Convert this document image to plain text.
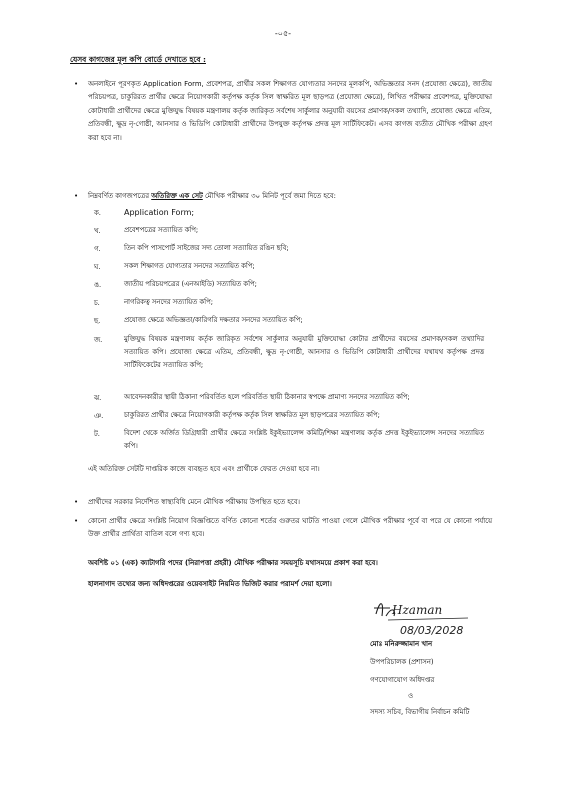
-০৫-
যেসব কাগজের মূল কপি বোর্ডে দেখাতে হবে :
• অনলাইনে পূরণকৃত Application Form, প্রবেশপত্র, প্রার্থীর সকল শিক্ষাগত যোগ্যতার সনদের মূলকপি, অভিজ্ঞতার সনদ (প্রযোজ্য ক্ষেত্রে), জাতীয় পরিচয়পত্র, চাকুরিরত প্রার্থীর ক্ষেত্রে নিয়োগকারী কর্তৃপক্ষ কর্তৃক সিল স্বাক্ষরিত মূল ছাড়পত্র (প্রযোজ্য ক্ষেত্রে), লিখিত পরীক্ষার প্রবেশপত্র, মুক্তিযোদ্ধা কোটাধারী প্রার্থীদের ক্ষেত্রে মুক্তিযুদ্ধ বিষয়ক মন্ত্রণালয় কর্তৃক জারিকৃত সর্বশেষ সার্কুলার অনুযায়ী বয়সের প্রমাণক/সকল তথ্যাদি, প্রযোজ্য ক্ষেত্রে এতিম, প্রতিবন্ধী, ক্ষুদ্র নৃ-গোষ্ঠী, আনসার ও ভিডিপি কোটাধারী প্রার্থীদের উপযুক্ত কর্তৃপক্ষ প্রদত্ত মূল সার্টিফিকেট। এসব কাগজ ব্যতীত মৌখিক পরীক্ষা গ্রহণ করা হবে না।
• নিম্নবর্ণিত কাগজপত্রের অতিরিক্ত এক সেট মৌখিক পরীক্ষার ৩০ মিনিট পূর্বে জমা দিতে হবে:
ক.	Application Form;
খ.	প্রবেশপত্রের সত্যায়িত কপি;
গ.	তিন কপি পাসপোর্ট সাইজের সদ্য তোলা সত্যায়িত রঙিন ছবি;
ঘ.	সকল শিক্ষাগত যোগ্যতার সনদের সত্যায়িত কপি;
ঙ.	জাতীয় পরিচয়পত্রের (এনআইডি) সত্যায়িত কপি;
চ.	নাগরিকত্ব সনদের সত্যায়িত কপি;
ছ.	প্রযোজ্য ক্ষেত্রে অভিজ্ঞতা/কারিগরি দক্ষতার সনদের সত্যায়িত কপি;
জ.	মুক্তিযুদ্ধ বিষয়ক মন্ত্রণালয় কর্তৃক জারিকৃত সর্বশেষ সার্কুলার অনুযায়ী মুক্তিযোদ্ধা কোটার প্রার্থীদের বয়সের প্রমাণক/সকল তথ্যাদির সত্যায়িত কপি। প্রযোজ্য ক্ষেত্রে এতিম, প্রতিবন্ধী, ক্ষুদ্র নৃ-গোষ্ঠী, আনসার ও ভিডিপি কোটাধারী প্রার্থীদের যথাযথ কর্তৃপক্ষ প্রদত্ত সার্টিফিকেটের সত্যায়িত কপি;
ঝ.	আবেদনকারীর স্থায়ী ঠিকানা পরিবর্তিত হলে পরিবর্তিত স্থায়ী ঠিকানার স্বপক্ষে প্রামাণ্য সনদের সত্যায়িত কপি;
ঞ.	চাকুরিরত প্রার্থীর ক্ষেত্রে নিয়োগকারী কর্তৃপক্ষ কর্তৃক সিল স্বাক্ষরিত মূল ছাড়পত্রের সত্যায়িত কপি;
ট.	বিদেশ থেকে অর্জিত ডিগ্রিধারী প্রার্থীর ক্ষেত্রে সংশ্লিষ্ট ইকুইভ্যালেন্স কমিটি/শিক্ষা মন্ত্রণালয় কর্তৃক প্রদত্ত ইকুইভ্যালেন্স সনদের সত্যায়িত কপি।
এই অতিরিক্ত সেটটি দাপ্তরিক কাজে ব্যবহৃত হবে এবং প্রার্থীকে ফেরত দেওয়া হবে না।
• প্রার্থীদের সরকার নির্দেশিত স্বাস্থ্যবিধি মেনে মৌখিক পরীক্ষায় উপস্থিত হতে হবে।
• কোনো প্রার্থীর ক্ষেত্রে সংশ্লিষ্ট নিয়োগ বিজ্ঞপ্তিতে বর্ণিত কোনো শর্তের গুরুতর ঘাটতি পাওয়া গেলে মৌখিক পরীক্ষার পূর্বে বা পরে যে কোনো পর্যায়ে উক্ত প্রার্থীর প্রার্থিতা বাতিল বলে গণ্য হবে।
অবশিষ্ট ০১ (এক) ক্যাটাগরি পদের (নিরাপত্তা প্রহরী) মৌখিক পরীক্ষার সময়সূচি যথাসময়ে প্রকাশ করা হবে।
হালনাগাদ তথ্যের জন্য অধিদপ্তরের ওয়েবসাইট নিয়মিত ভিজিট করার পরামর্শ দেয়া হলো।
Hzaman
08/03/2028
মোঃ মনিরুজ্জামান খান
উপপরিচালক (প্রশাসন)
গণযোগাযোগ অধিদপ্তর
ও
সদস্য সচিব, বিভাগীয় নির্বাচন কমিটি
